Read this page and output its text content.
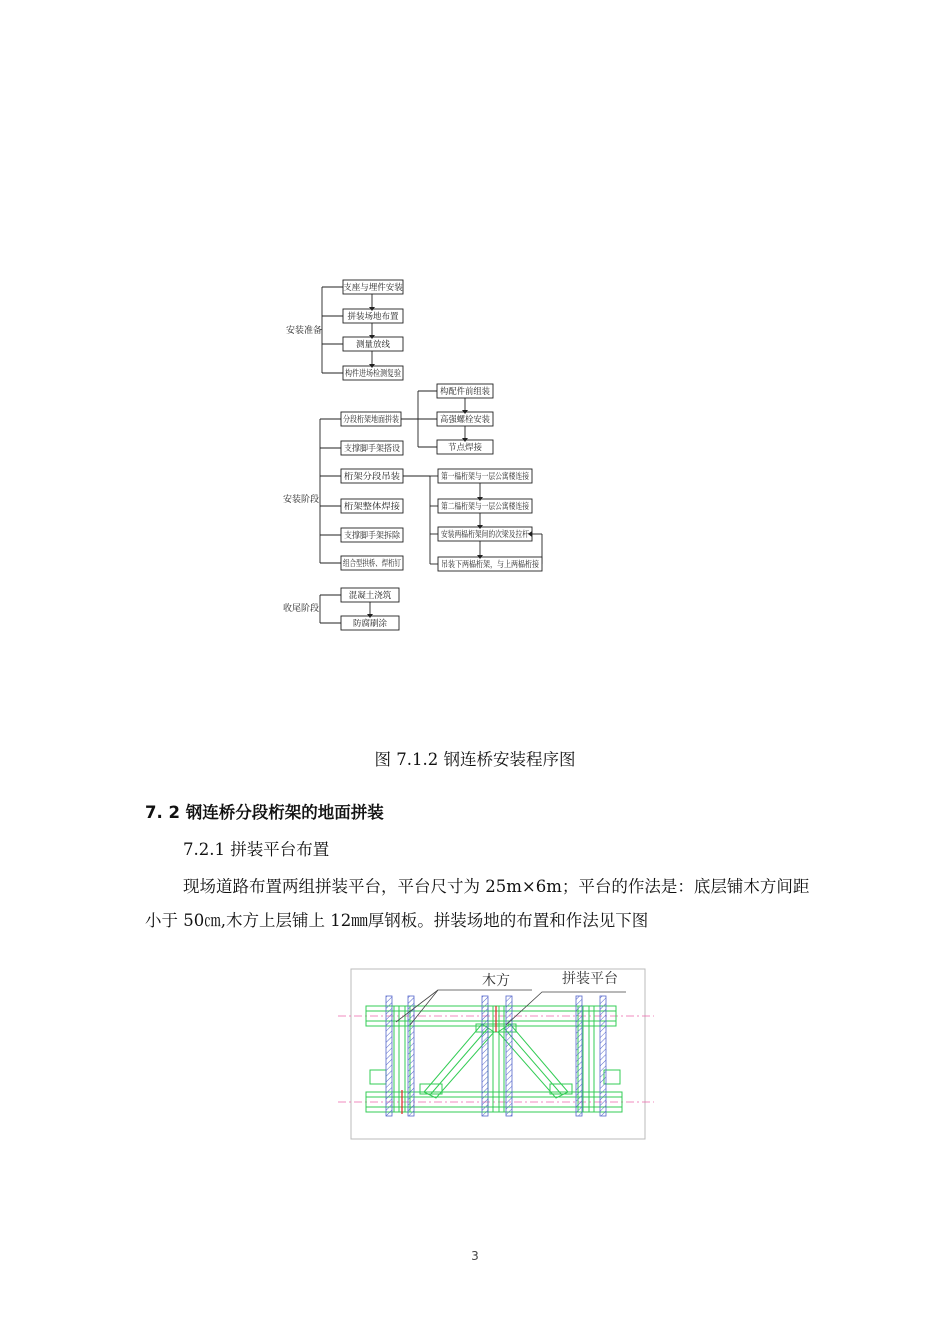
安装准备
安装阶段
收尾阶段
支座与埋件安装
拼装场地布置
测量放线
构件进场检测复验
分段桁架地面拼装
支撑脚手架搭设
桁架分段吊装
桁架整体焊接
支撑脚手架拆除
组合型拱桥、焊桁钉
构配件前组装
高强螺栓安装
节点焊接
第一榀桁架与一层公寓楼连接
第二榀桁架与一层公寓楼连接
安装两榀桁架间的次梁及拉杆
吊装下两榀桁架，与上两榀桁接
混凝土浇筑
防腐刷涂
图 7.1.2 钢连桥安装程序图
7. 2 钢连桥分段桁架的地面拼装
7.2.1 拼装平台布置
现场道路布置两组拼装平台，平台尺寸为 25m×6m；平台的作法是：底层铺木方间距小于 50㎝,木方上层铺上 12㎜厚钢板。拼装场地的布置和作法见下图
木方	拼装平台
3
